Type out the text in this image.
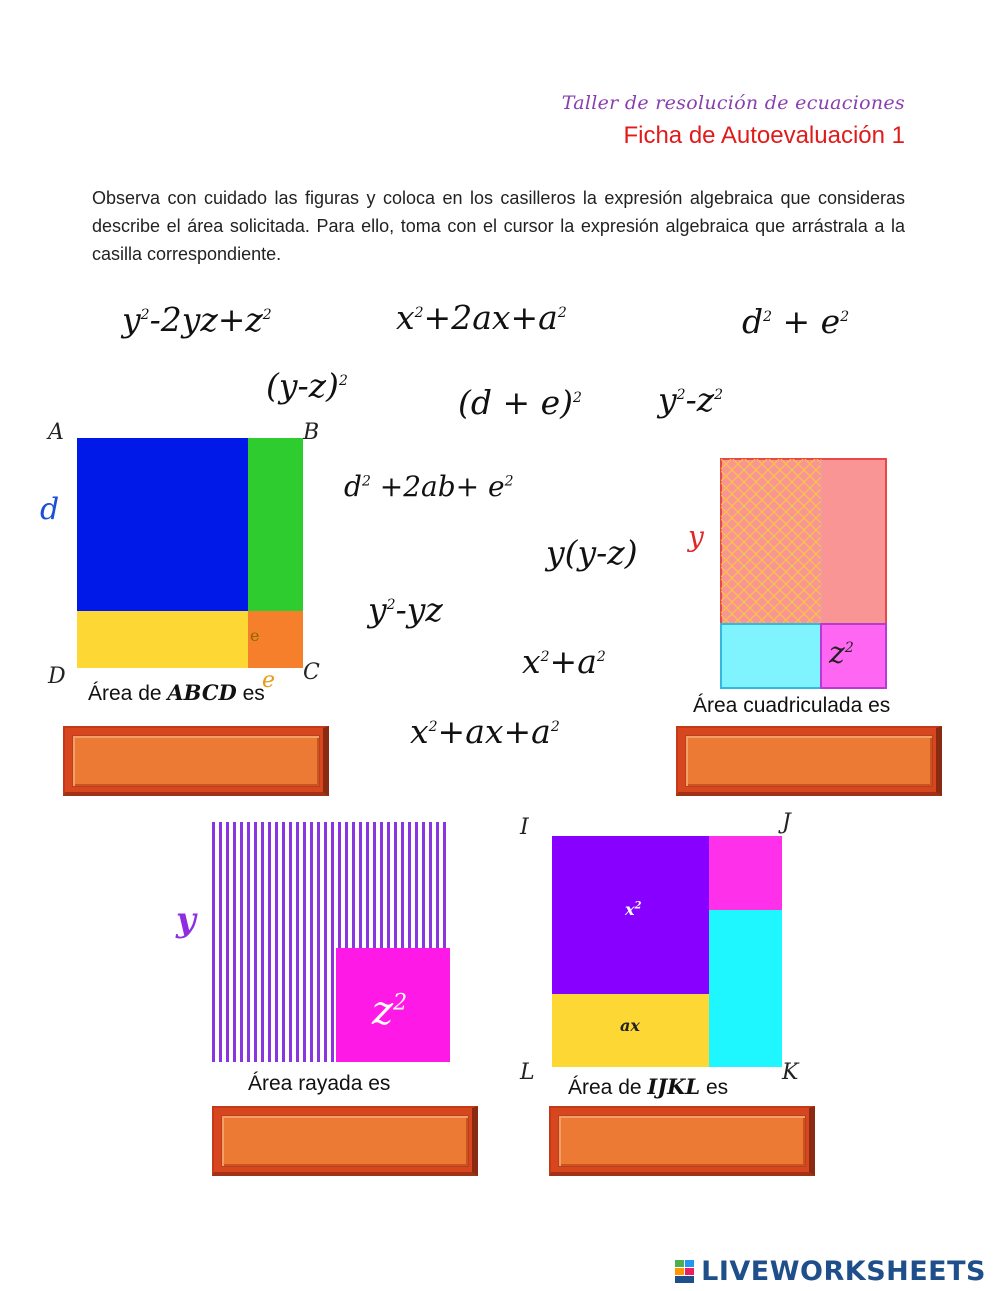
Taller de resolución de ecuaciones
Ficha de Autoevaluación 1
Observa con cuidado las figuras y coloca en los casilleros la expresión algebraica que consideras describe el área solicitada. Para ello, toma con el cursor la expresión algebraica que arrástrala a la casilla correspondiente.
$y^2-2yz+z^2$	$x^2+2ax+a^2$	$d^2 + e^2$
$(y-z)^2$
$(d + e)^2$ $y^2-z^2$
$d^2 +2ab+ e^2$
y(y-z)
$y^2-yz$
$x^2+a^2$
$x^2+ax+a^2$
A	B
D	C
d
e
e
Área de ABCD es
y
$z^2$
Área cuadriculada es
y
$z^2$
Área rayada es
I	J
L	K
$x^2$
ax
Área de IJKL es
LIVEWORKSHEETS
